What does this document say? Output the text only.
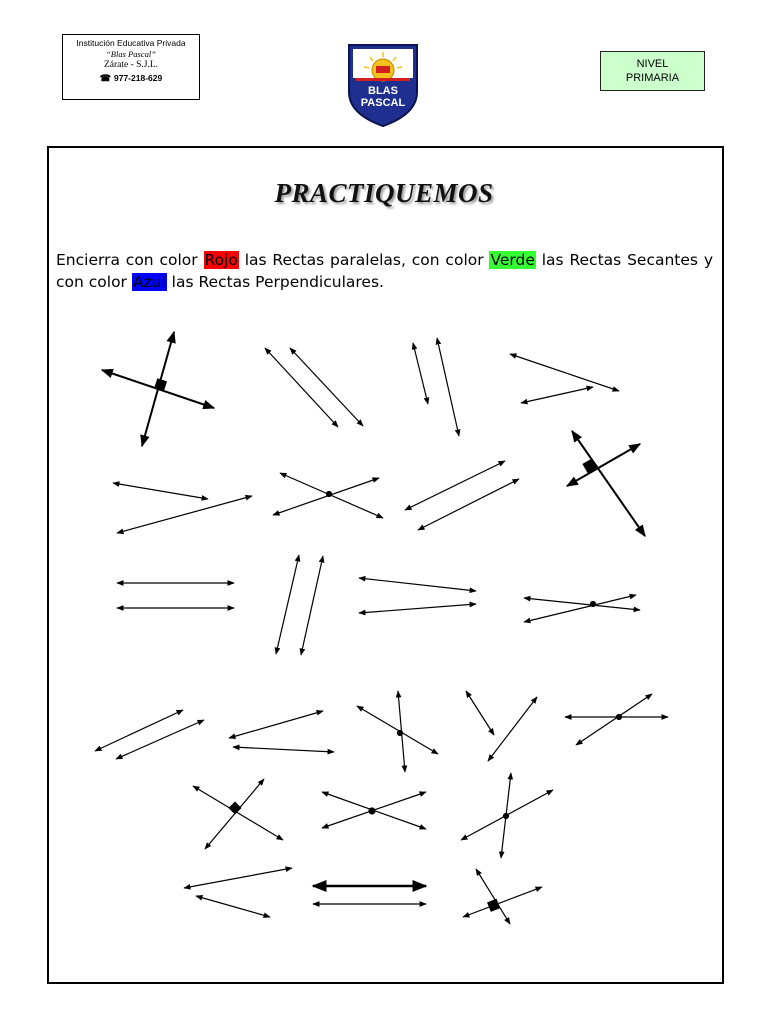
Institución Educativa Privada
“Blas Pascal”
Zárate - S.J.L.
☎ 977-218-629
BLAS
PASCAL
NIVEL
PRIMARIA
PRACTIQUEMOS
Encierra con color Rojo las Rectas paralelas, con color Verde las Rectas Secantes y con color Azul las Rectas Perpendiculares.
